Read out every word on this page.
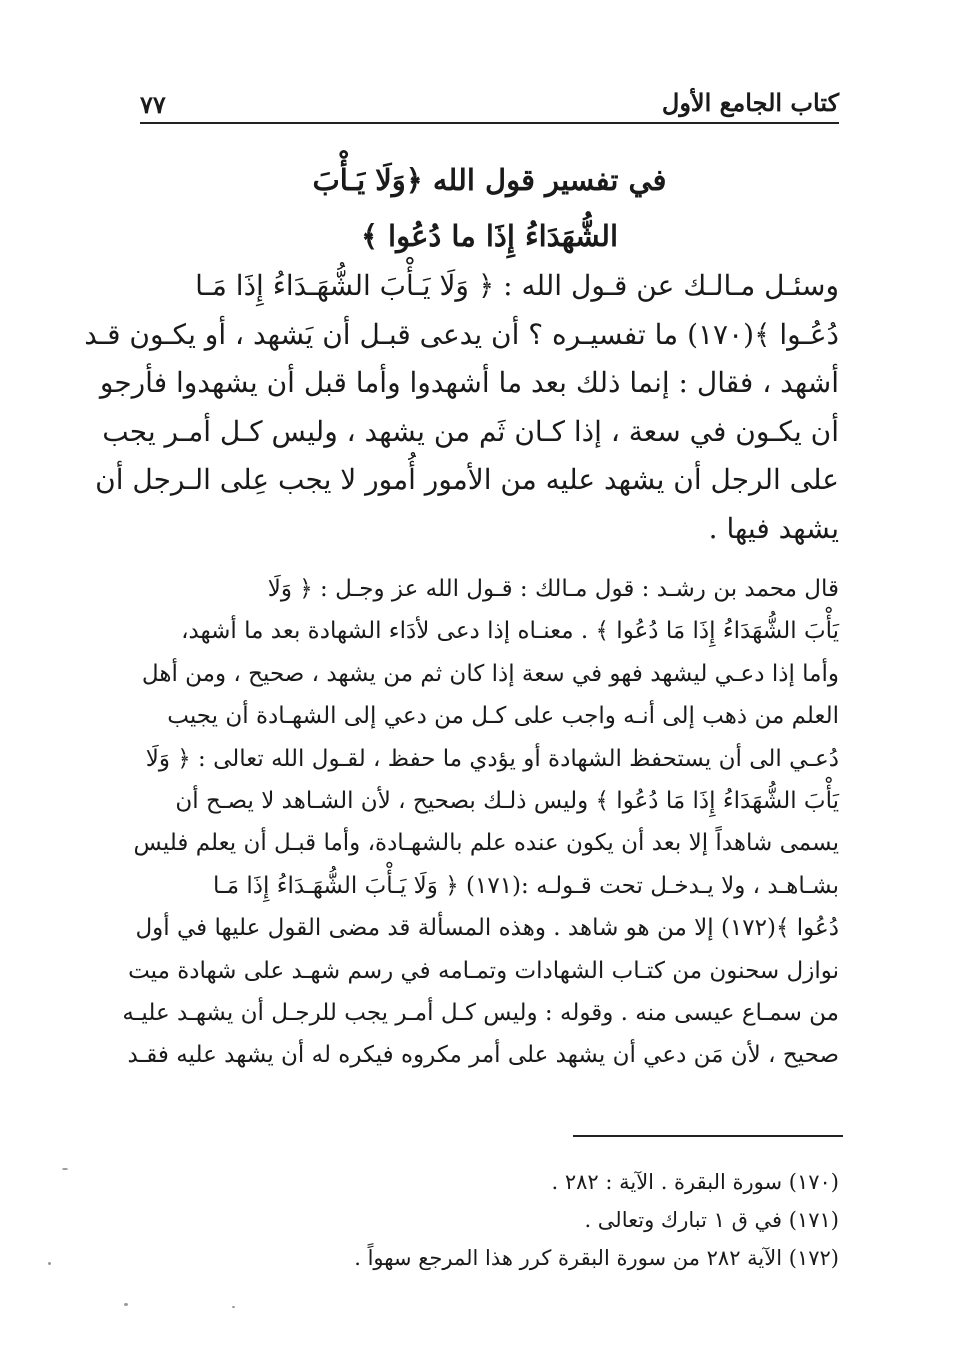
كتاب الجامع الأول
٧٧
في تفسير قول الله ﴿وَلَا يَـأْبَ
الشُّهَدَاءُ إِذَا ما دُعُوا ﴾
وسئـل مـالـك عن قـول الله : ﴿ وَلَا يَـأْبَ الشُّهَـدَاءُ إِذَا مَـا
دُعُـوا ﴾(١٧٠) ما تفسيـره ؟ أن يدعى قبـل أن يَشهد ، أو يكـون قـد
أشهد ، فقال : إنما ذلك بعد ما أشهدوا وأما قبل أن يشهدوا فأرجو
أن يكـون في سعة ، إذا كـان ثَم من يشهد ، وليس كـل أمـر يجب
على الرجل أن يشهد عليه من الأمور أُمور لا يجب عِلى الـرجل أن
يشهد فيها .
قال محمد بن رشـد : قول مـالك : قـول الله عز وجـل : ﴿ وَلَا
يَأْبَ الشُّهَدَاءُ إِذَا مَا دُعُوا ﴾ . معنـاه إذا دعى لأدَاء الشهادة بعد ما أشهد،
وأما إذا دعـي ليشهد فهو في سعة إذا كان ثم من يشهد ، صحيح ، ومن أهل
العلم من ذهب إلى أنـه واجب على كـل من دعي إلى الشهـادة أن يجيب
دُعـي الى أن يستحفظ الشهادة أو يؤدي ما حفظ ، لقـول الله تعالى : ﴿ وَلَا
يَأْبَ الشُّهَدَاءُ إِذَا مَا دُعُوا ﴾ وليس ذلـك بصحيح ، لأن الشـاهد لا يصـح أن
يسمى شاهداً إلا بعد أن يكون عنده علم بالشهـادة، وأما قبـل أن يعلم فليس
بشـاهـد ، ولا يـدخـل تحت قـولـه :(١٧١) ﴿ وَلَا يَـأْبَ الشُّهَـدَاءُ إِذَا مَـا
دُعُوا ﴾(١٧٢) إلا من هو شاهد . وهذه المسألة قد مضى القول عليها في أول
نوازل سحنون من كتـاب الشهادات وتمـامه في رسم شهـد على شهادة ميت
من سمـاع عيسى منه . وقوله : وليس كـل أمـر يجب للرجـل أن يشهـد عليـه
صحيح ، لأن مَن دعي أن يشهد على أمر مكروه فيكره له أن يشهد عليه فقـد
(١٧٠) سورة البقرة . الآية : ٢٨٢ .
(١٧١) في ق ١ تبارك وتعالى .
(١٧٢) الآية ٢٨٢ من سورة البقرة كرر هذا المرجع سهواً .
